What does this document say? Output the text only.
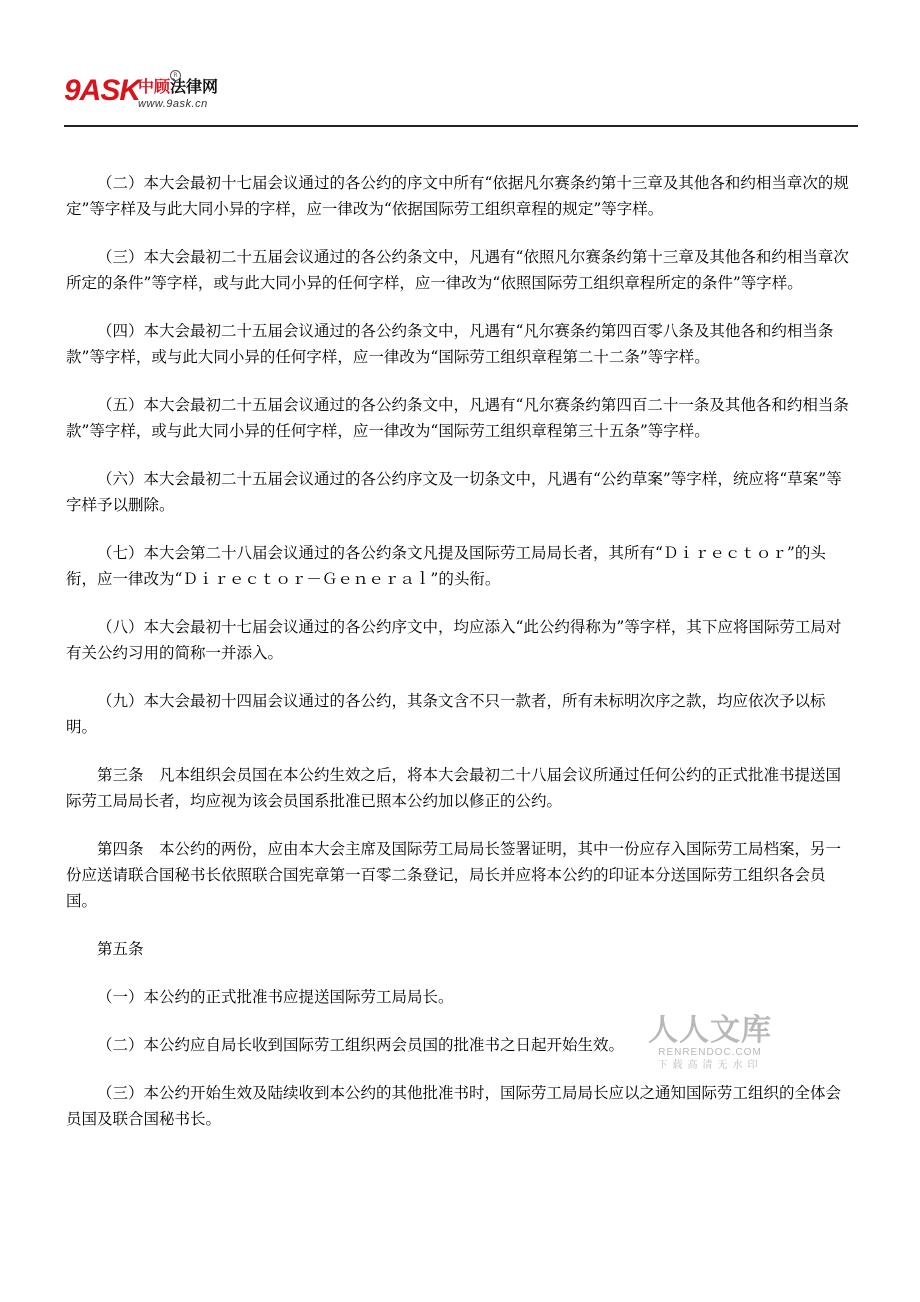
9ASK
中顾法律网
R
www.9ask.cn

（二）本大会最初十七届会议通过的各公约的序文中所有“依据凡尔赛条约第十三章及其他各和约相当章次的规定”等字样及与此大同小异的字样，应一律改为“依据国际劳工组织章程的规定”等字样。

（三）本大会最初二十五届会议通过的各公约条文中，凡遇有“依照凡尔赛条约第十三章及其他各和约相当章次所定的条件”等字样，或与此大同小异的任何字样，应一律改为“依照国际劳工组织章程所定的条件”等字样。

（四）本大会最初二十五届会议通过的各公约条文中，凡遇有“凡尔赛条约第四百零八条及其他各和约相当条款”等字样，或与此大同小异的任何字样，应一律改为“国际劳工组织章程第二十二条”等字样。

（五）本大会最初二十五届会议通过的各公约条文中，凡遇有“凡尔赛条约第四百二十一条及其他各和约相当条款”等字样，或与此大同小异的任何字样，应一律改为“国际劳工组织章程第三十五条”等字样。

（六）本大会最初二十五届会议通过的各公约序文及一切条文中，凡遇有“公约草案”等字样，统应将“草案”等字样予以删除。

（七）本大会第二十八届会议通过的各公约条文凡提及国际劳工局局长者，其所有“Ｄｉｒｅｃｔｏｒ”的头衔，应一律改为“Ｄｉｒｅｃｔｏｒ－Ｇｅｎｅｒａｌ”的头衔。

（八）本大会最初十七届会议通过的各公约序文中，均应添入“此公约得称为”等字样，其下应将国际劳工局对有关公约习用的简称一并添入。

（九）本大会最初十四届会议通过的各公约，其条文含不只一款者，所有未标明次序之款，均应依次予以标明。

第三条　凡本组织会员国在本公约生效之后，将本大会最初二十八届会议所通过任何公约的正式批准书提送国际劳工局局长者，均应视为该会员国系批准已照本公约加以修正的公约。

第四条　本公约的两份，应由本大会主席及国际劳工局局长签署证明，其中一份应存入国际劳工局档案，另一份应送请联合国秘书长依照联合国宪章第一百零二条登记，局长并应将本公约的印证本分送国际劳工组织各会员国。

第五条

（一）本公约的正式批准书应提送国际劳工局局长。

（二）本公约应自局长收到国际劳工组织两会员国的批准书之日起开始生效。

（三）本公约开始生效及陆续收到本公约的其他批准书时，国际劳工局局长应以之通知国际劳工组织的全体会员国及联合国秘书长。

人人文库
RENRENDOC.COM
下载高清无水印
